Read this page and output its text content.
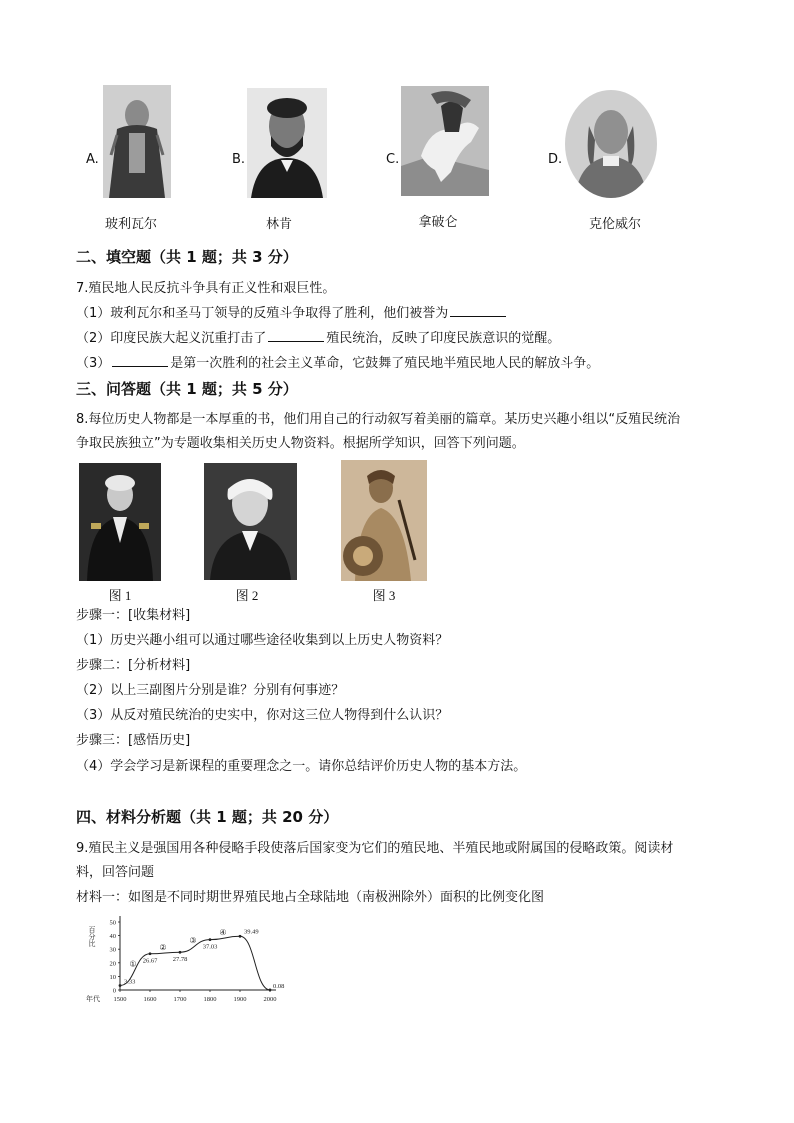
A.
玻利瓦尔
B.
林肯
C.
拿破仑
D.
克伦威尔
二、填空题（共 1 题；共 3 分）
7.殖民地人民反抗斗争具有正义性和艰巨性。
（1）玻利瓦尔和圣马丁领导的反殖斗争取得了胜利，他们被誉为
（2）印度民族大起义沉重打击了	殖民统治，反映了印度民族意识的觉醒。
（3）	是第一次胜利的社会主义革命，它鼓舞了殖民地半殖民地人民的解放斗争。
三、问答题（共 1 题；共 5 分）
8.每位历史人物都是一本厚重的书，他们用自己的行动叙写着美丽的篇章。某历史兴趣小组以“反殖民统治
争取民族独立”为专题收集相关历史人物资料。根据所学知识，回答下列问题。
图 1	图 2	图 3
步骤一：[收集材料]
（1）历史兴趣小组可以通过哪些途径收集到以上历史人物资料？
步骤二：[分析材料]
（2）以上三副图片分别是谁？分别有何事迹？
（3）从反对殖民统治的史实中，你对这三位人物得到什么认识？
步骤三：[感悟历史]
（4）学会学习是新课程的重要理念之一。请你总结评价历史人物的基本方法。
四、材料分析题（共 1 题；共 20 分）
9.殖民主义是强国用各种侵略手段使落后国家变为它们的殖民地、半殖民地或附属国的侵略政策。阅读材
料，回答问题
材料一：如图是不同时期世界殖民地占全球陆地（南极洲除外）面积的比例变化图
0
10
20
30
40
50
1500	1600	1700	1800	1900	2000
3.33
26.67 27.78
37.03
39.49
0.08
①
②
③
④
百分比
年代
